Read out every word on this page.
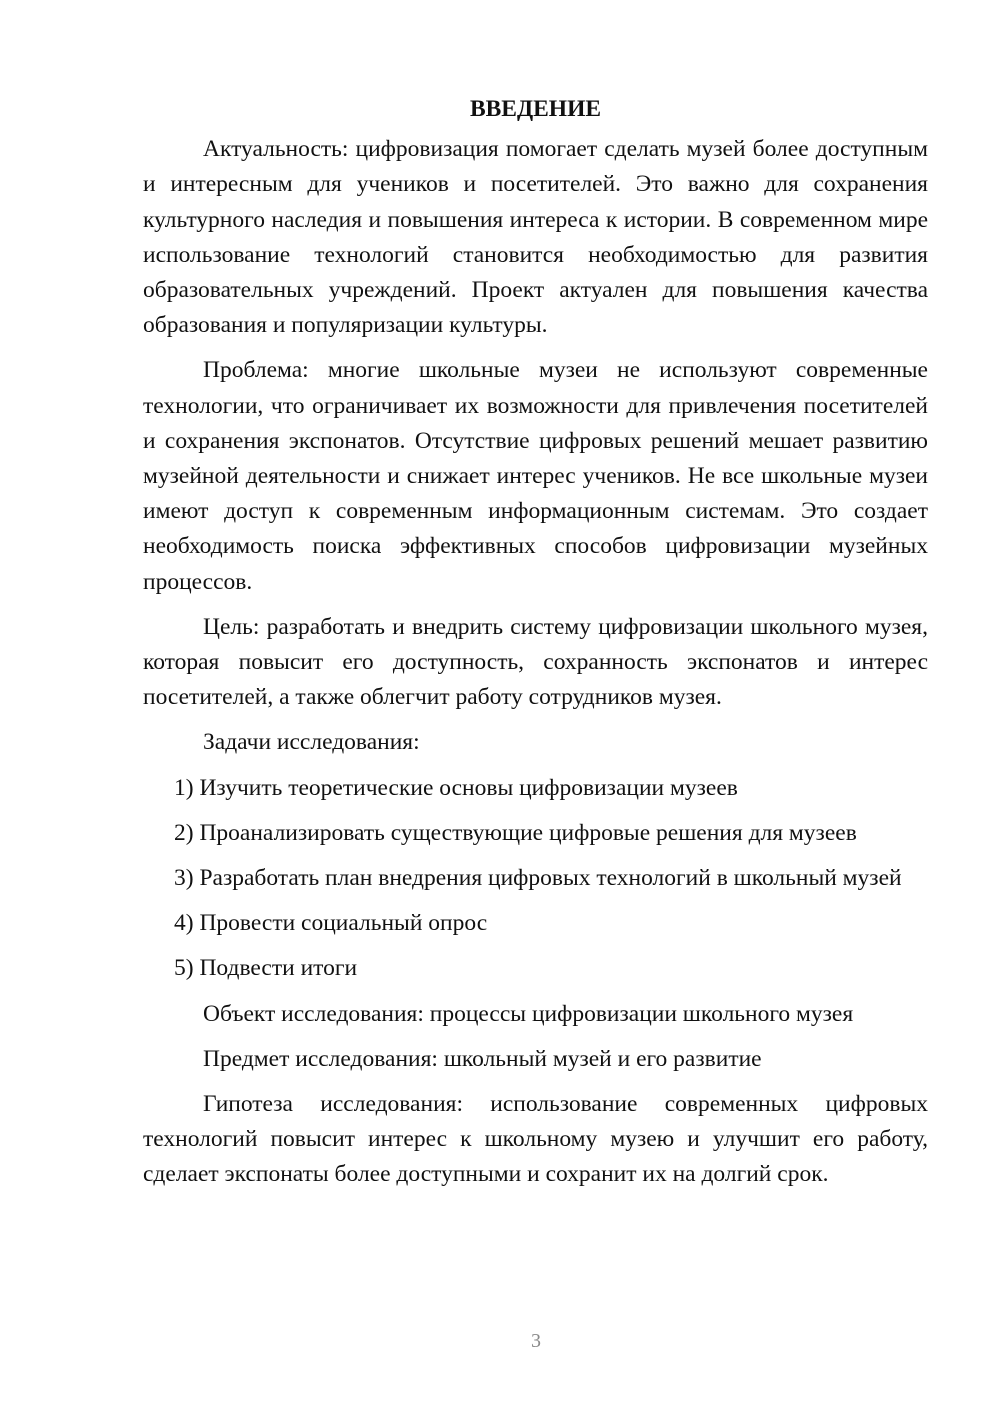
ВВЕДЕНИЕ

Актуальность: цифровизация помогает сделать музей более доступным и интересным для учеников и посетителей. Это важно для сохранения культурного наследия и повышения интереса к истории. В современном мире использование технологий становится необходимостью для развития образовательных учреждений. Проект актуален для повышения качества образования и популяризации культуры.

Проблема: многие школьные музеи не используют современные технологии, что ограничивает их возможности для привлечения посетителей и сохранения экспонатов. Отсутствие цифровых решений мешает развитию музейной деятельности и снижает интерес учеников. Не все школьные музеи имеют доступ к современным информационным системам. Это создает необходимость поиска эффективных способов цифровизации музейных процессов.

Цель: разработать и внедрить систему цифровизации школьного музея, которая повысит его доступность, сохранность экспонатов и интерес посетителей, а также облегчит работу сотрудников музея.

Задачи исследования:

1) Изучить теоретические основы цифровизации музеев

2) Проанализировать существующие цифровые решения для музеев

3) Разработать план внедрения цифровых технологий в школьный музей

4) Провести социальный опрос

5) Подвести итоги

Объект исследования: процессы цифровизации школьного музея

Предмет исследования: школьный музей и его развитие

Гипотеза исследования: использование современных цифровых технологий повысит интерес к школьному музею и улучшит его работу, сделает экспонаты более доступными и сохранит их на долгий срок.

3
